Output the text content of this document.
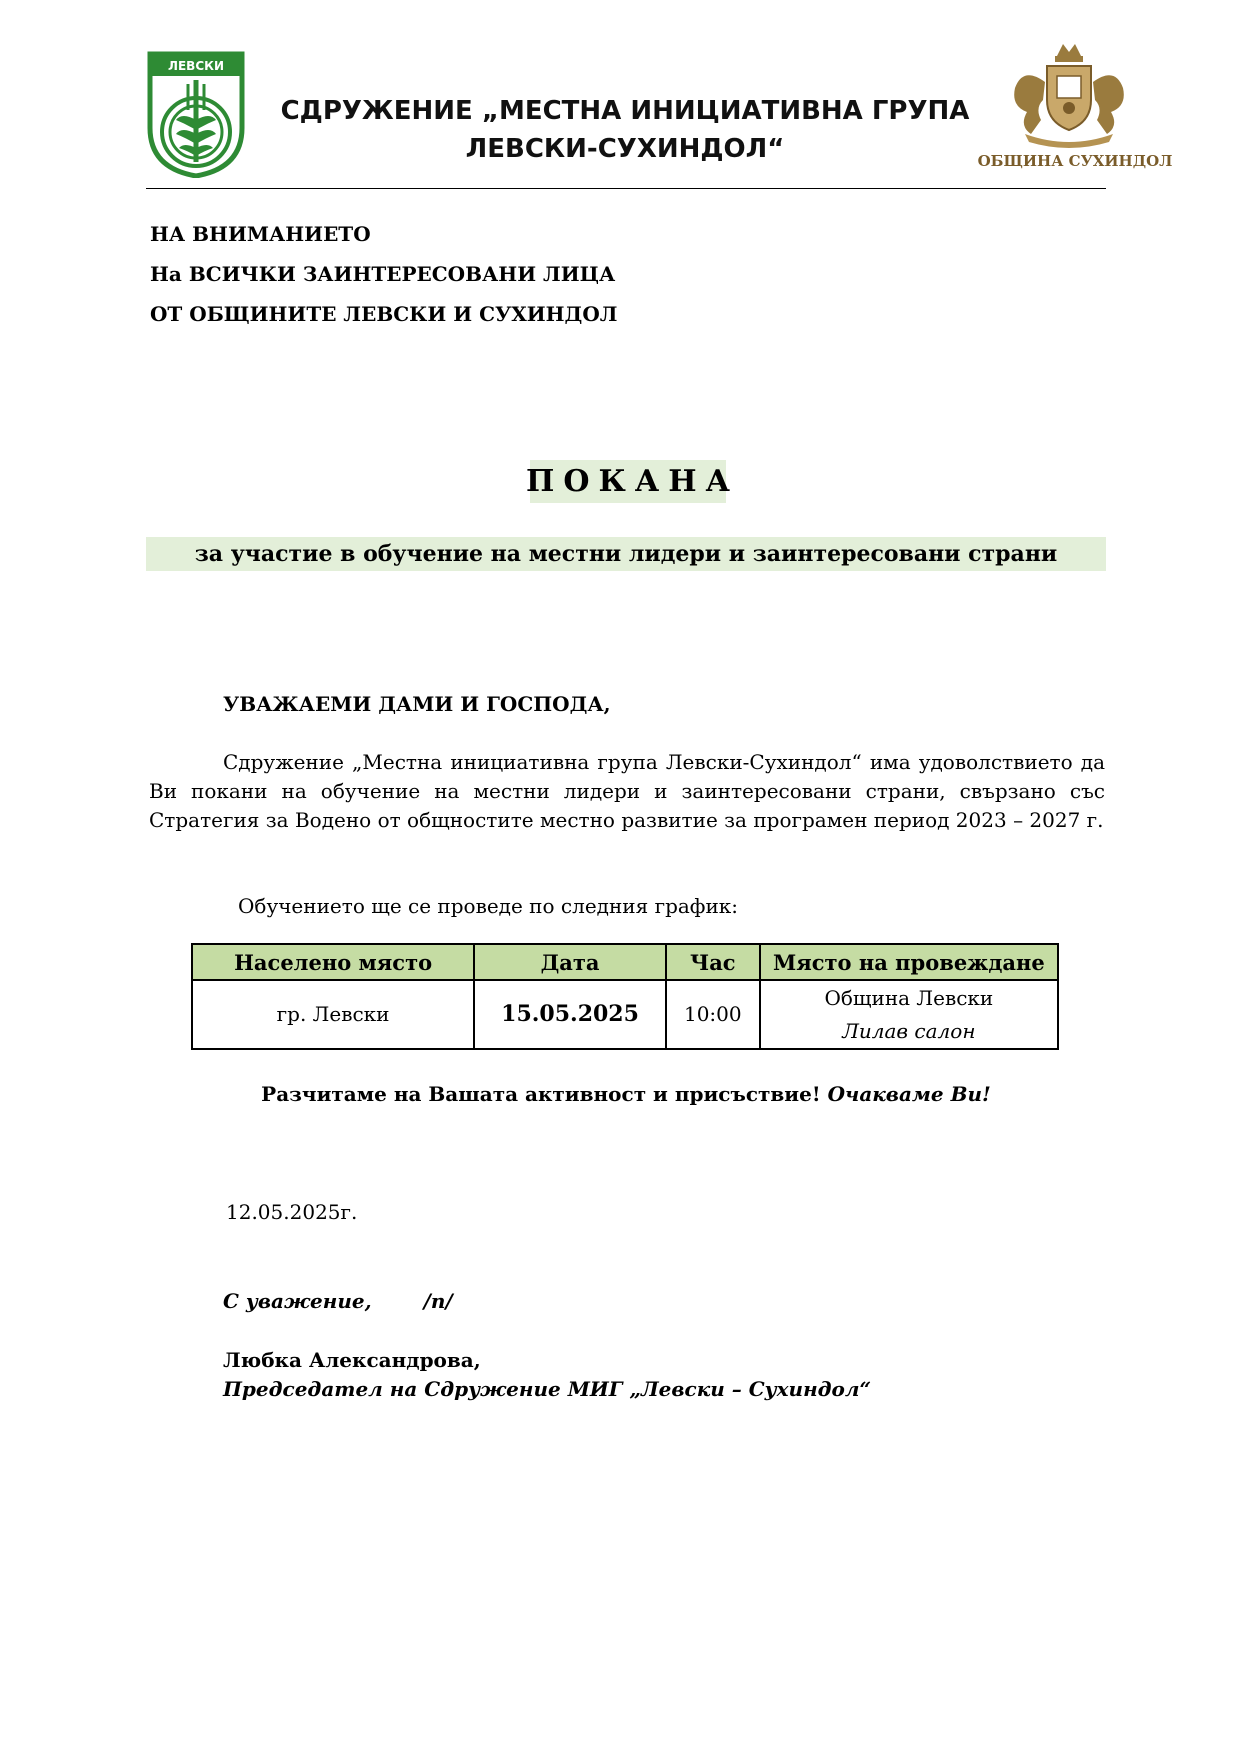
ЛЕВСКИ
СДРУЖЕНИЕ „МЕСТНА ИНИЦИАТИВНА ГРУПА
ЛЕВСКИ-СУХИНДОЛ“	ОБЩИНА СУХИНДОЛ
НА ВНИМАНИЕТО
На ВСИЧКИ ЗАИНТЕРЕСОВАНИ ЛИЦА
ОТ ОБЩИНИТЕ ЛЕВСКИ И СУХИНДОЛ
ПОКАНА
за участие в обучение на местни лидери и заинтересовани страни
УВАЖАЕМИ ДАМИ И ГОСПОДА,
Сдружение „Местна инициативна група Левски-Сухиндол“ има удоволствието да Ви покани на обучение на местни лидери и заинтересовани страни, свързано със Стратегия за Водено от общностите местно развитие за програмен период 2023 – 2027 г.
Обучението ще се проведе по следния график:
Населено място	Дата	Час	Място на провеждане
гр. Левски	15.05.2025	10:00	Община Левски
Лилав салон
Разчитаме на Вашата активност и присъствие! Очакваме Ви!
12.05.2025г.
С уважение,	/п/
Любка Александрова,
Председател на Сдружение МИГ „Левски – Сухиндол“
